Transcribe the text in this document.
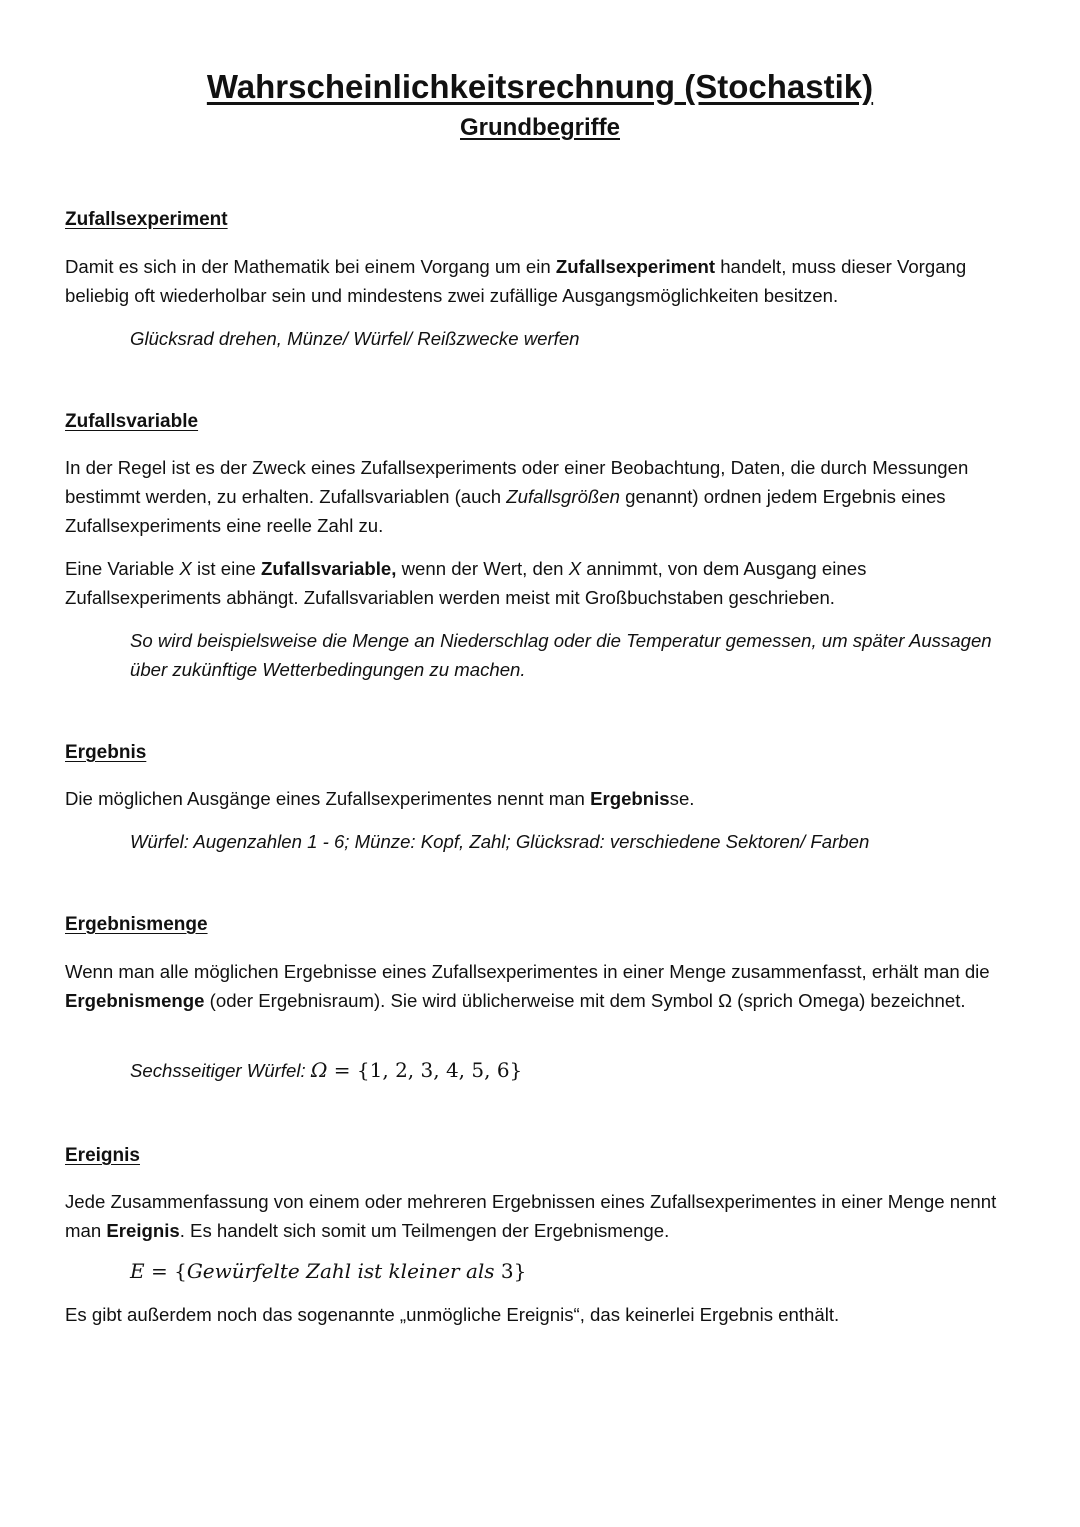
Wahrscheinlichkeitsrechnung (Stochastik)
Grundbegriffe
Zufallsexperiment

Damit es sich in der Mathematik bei einem Vorgang um ein Zufallsexperiment handelt, muss dieser Vorgang beliebig oft wiederholbar sein und mindestens zwei zufällige Ausgangsmöglichkeiten besitzen.

Glücksrad drehen, Münze/ Würfel/ Reißzwecke werfen

Zufallsvariable

In der Regel ist es der Zweck eines Zufallsexperiments oder einer Beobachtung, Daten, die durch Messungen bestimmt werden, zu erhalten. Zufallsvariablen (auch Zufallsgrößen genannt) ordnen jedem Ergebnis eines Zufallsexperiments eine reelle Zahl zu.

Eine Variable X ist eine Zufallsvariable, wenn der Wert, den X annimmt, von dem Ausgang eines Zufallsexperiments abhängt. Zufallsvariablen werden meist mit Großbuchstaben geschrieben.

So wird beispielsweise die Menge an Niederschlag oder die Temperatur gemessen, um später Aussagen über zukünftige Wetterbedingungen zu machen.

Ergebnis

Die möglichen Ausgänge eines Zufallsexperimentes nennt man Ergebnisse.

Würfel: Augenzahlen 1 - 6; Münze: Kopf, Zahl; Glücksrad: verschiedene Sektoren/ Farben

Ergebnismenge

Wenn man alle möglichen Ergebnisse eines Zufallsexperimentes in einer Menge zusammenfasst, erhält man die Ergebnismenge (oder Ergebnisraum). Sie wird üblicherweise mit dem Symbol Ω (sprich Omega) bezeichnet.

Sechsseitiger Würfel: Ω = {1, 2, 3, 4, 5, 6}

Ereignis

Jede Zusammenfassung von einem oder mehreren Ergebnissen eines Zufallsexperimentes in einer Menge nennt man Ereignis. Es handelt sich somit um Teilmengen der Ergebnismenge.

E = {Gewürfelte Zahl ist kleiner als 3}

Es gibt außerdem noch das sogenannte „unmögliche Ereignis“, das keinerlei Ergebnis enthält.
